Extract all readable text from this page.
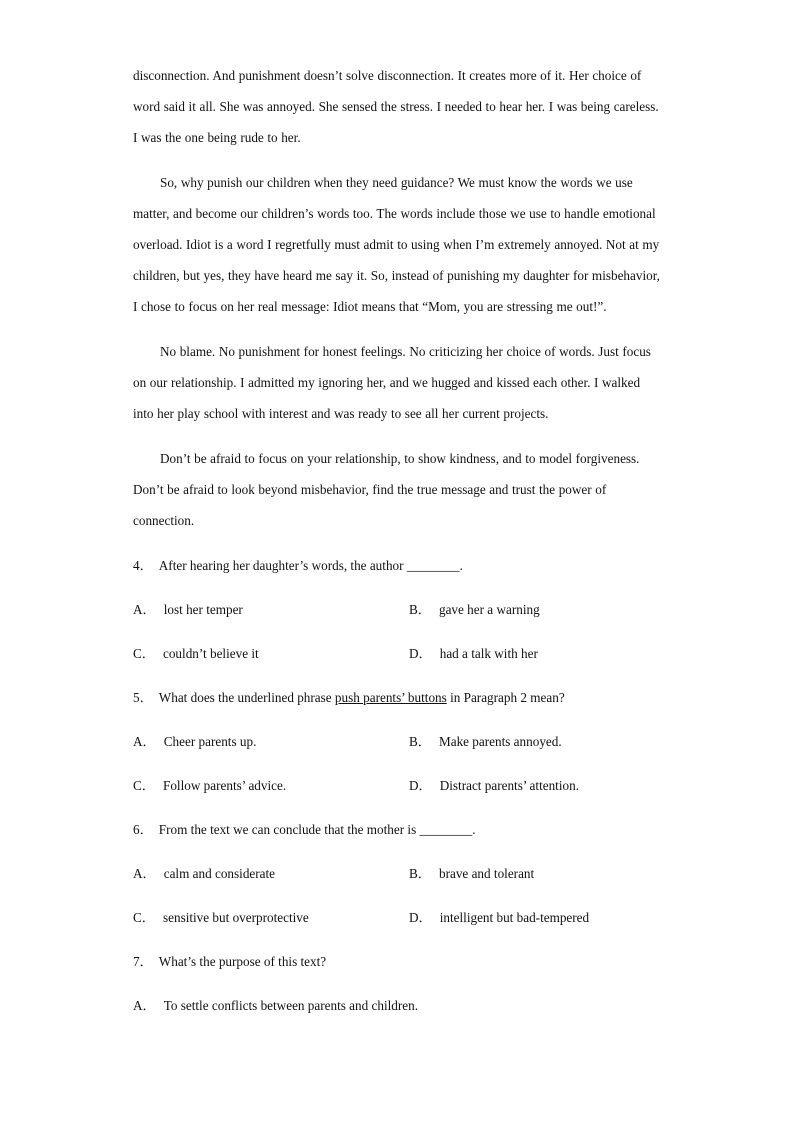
disconnection. And punishment doesn’t solve disconnection. It creates more of it. Her choice of word said it all. She was annoyed. She sensed the stress. I needed to hear her. I was being careless. I was the one being rude to her.

So, why punish our children when they need guidance? We must know the words we use matter, and become our children’s words too. The words include those we use to handle emotional overload. Idiot is a word I regretfully must admit to using when I’m extremely annoyed. Not at my children, but yes, they have heard me say it. So, instead of punishing my daughter for misbehavior, I chose to focus on her real message: Idiot means that “Mom, you are stressing me out!”.

No blame. No punishment for honest feelings. No criticizing her choice of words. Just focus on our relationship. I admitted my ignoring her, and we hugged and kissed each other. I walked into her play school with interest and was ready to see all her current projects.

Don’t be afraid to focus on your relationship, to show kindness, and to model forgiveness. Don’t be afraid to look beyond misbehavior, find the true message and trust the power of connection.

4． After hearing her daughter’s words, the author ________.
A． lost her temper	B． gave her a warning
C． couldn’t believe it	D． had a talk with her
5． What does the underlined phrase push parents’ buttons in Paragraph 2 mean?
A． Cheer parents up.	B． Make parents annoyed.
C． Follow parents’ advice.	D． Distract parents’ attention.
6． From the text we can conclude that the mother is ________.
A． calm and considerate	B． brave and tolerant
C． sensitive but overprotective	D． intelligent but bad-tempered
7． What’s the purpose of this text?
A． To settle conflicts between parents and children.
